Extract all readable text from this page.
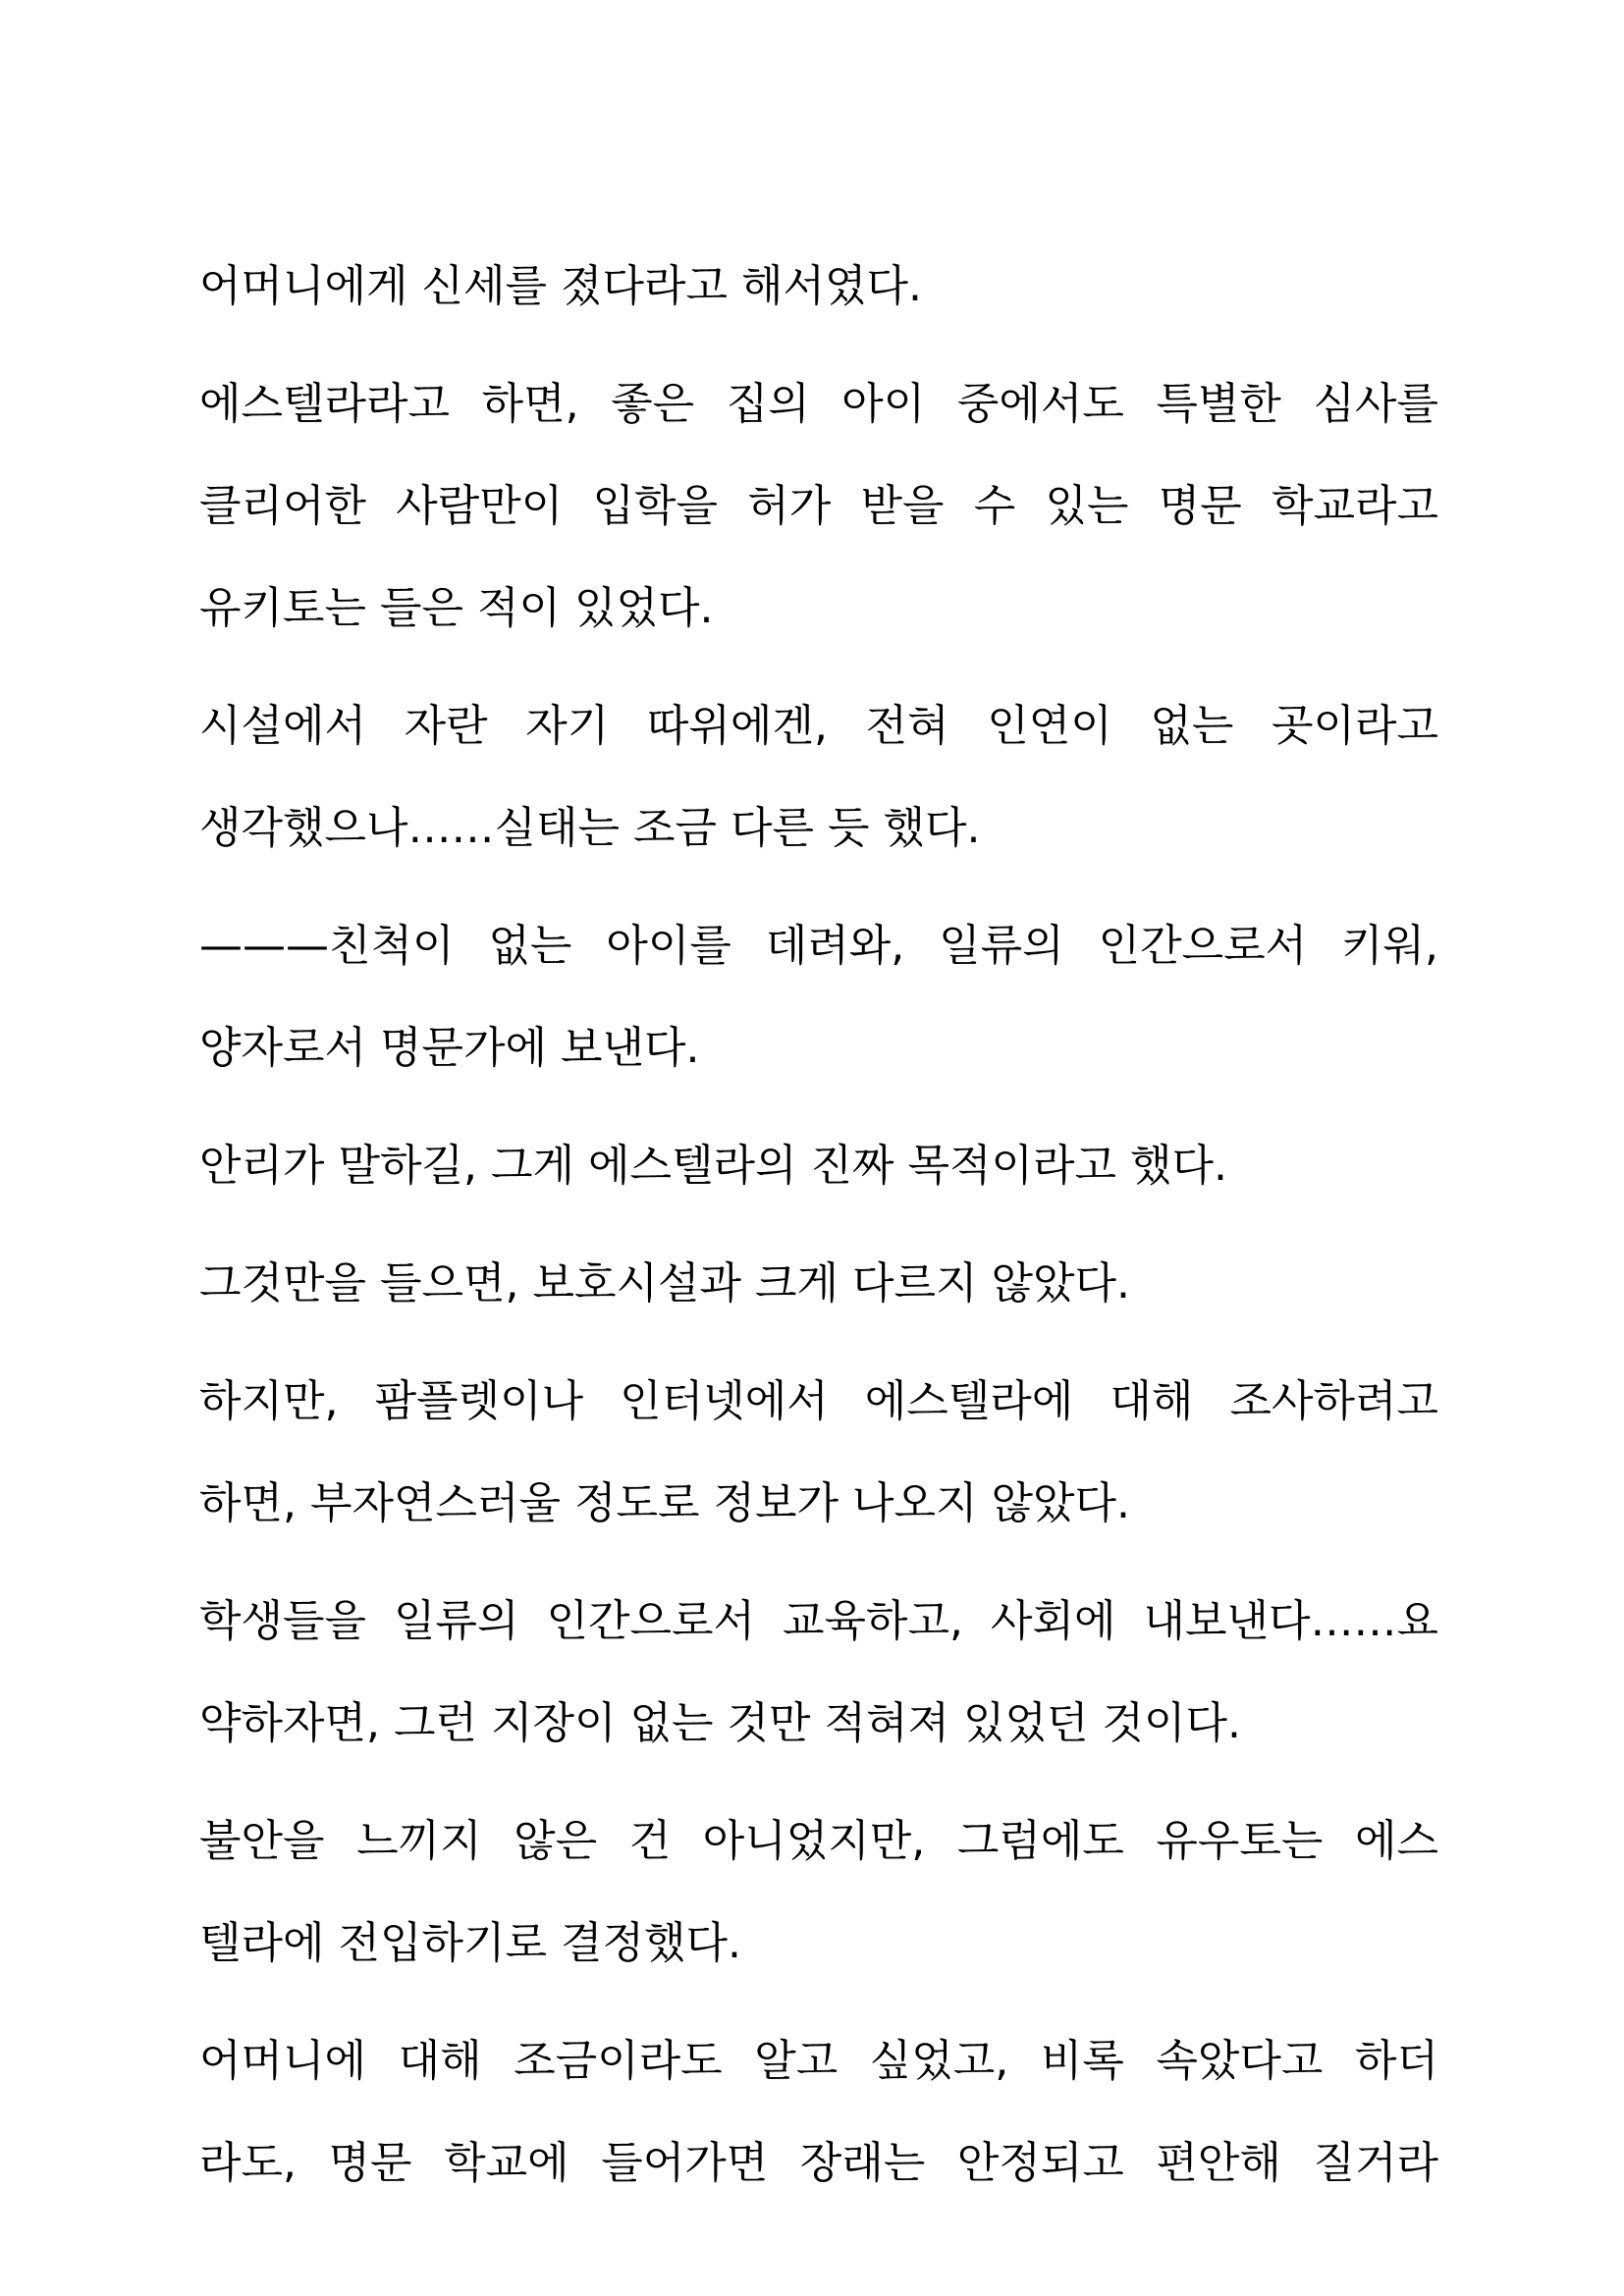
어머니에게 신세를 졌다라고 해서였다.

에스텔라라고 하면, 좋은 집의 아이 중에서도 특별한 심사를
클리어한 사람만이 입학을 허가 받을 수 있는 명문 학교라고
유키토는 들은 적이 있었다.

시설에서 자란 자기 따위에겐, 전혀 인연이 없는 곳이라고
생각했으나……실태는 조금 다른 듯 했다.

———친척이 없는 아이를 데려와, 일류의 인간으로서 키워,
양자로서 명문가에 보낸다.

안리가 말하길, 그게 에스텔라의 진짜 목적이라고 했다.

그것만을 들으면, 보호시설과 크게 다르지 않았다.

하지만, 팜플렛이나 인터넷에서 에스텔라에 대해 조사하려고
하면, 부자연스러울 정도로 정보가 나오지 않았다.

학생들을 일류의 인간으로서 교육하고, 사회에 내보낸다……요
약하자면, 그런 지장이 없는 것만 적혀져 있었던 것이다.

불안을 느끼지 않은 건 아니었지만, 그럼에도 유우토는 에스
텔라에 전입하기로 결정했다.

어머니에 대해 조금이라도 알고 싶었고, 비록 속았다고 하더
라도, 명문 학교에 들어가면 장래는 안정되고 편안해 질거라
